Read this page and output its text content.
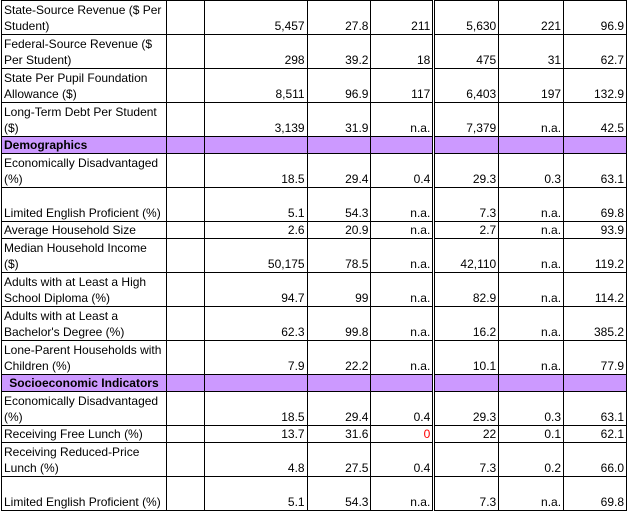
State-Source Revenue ($ Per Student)		5,457	27.8	211	5,630	221	96.9
Federal-Source Revenue ($ Per Student)		298	39.2	18	475	31	62.7
State Per Pupil Foundation Allowance ($)		8,511	96.9	117	6,403	197	132.9
Long-Term Debt Per Student ($)		3,139	31.9	n.a.	7,379	n.a.	42.5
Demographics							
Economically Disadvantaged (%)		18.5	29.4	0.4	29.3	0.3	63.1
Limited English Proficient (%)		5.1	54.3	n.a.	7.3	n.a.	69.8
Average Household Size		2.6	20.9	n.a.	2.7	n.a.	93.9
Median Household Income ($)		50,175	78.5	n.a.	42,110	n.a.	119.2
Adults with at Least a High School Diploma (%)		94.7	99	n.a.	82.9	n.a.	114.2
Adults with at Least a Bachelor's Degree (%)		62.3	99.8	n.a.	16.2	n.a.	385.2
Lone-Parent Households with Children (%)		7.9	22.2	n.a.	10.1	n.a.	77.9
Socioeconomic Indicators							
Economically Disadvantaged (%)		18.5	29.4	0.4	29.3	0.3	63.1
Receiving Free Lunch (%)		13.7	31.6	0	22	0.1	62.1
Receiving Reduced-Price Lunch (%)		4.8	27.5	0.4	7.3	0.2	66.0
Limited English Proficient (%)		5.1	54.3	n.a.	7.3	n.a.	69.8
